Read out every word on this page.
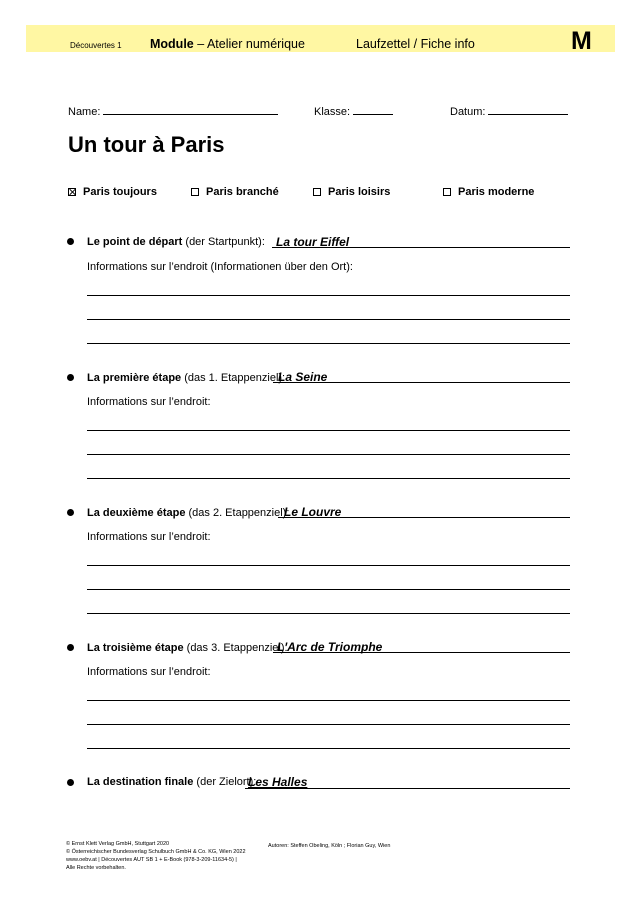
Découvertes 1 Module – Atelier numérique	Laufzettel / Fiche info	M
Name:	Klasse:	Datum:
Un tour à Paris
Paris toujours	Paris branché	Paris loisirs	Paris moderne
Le point de départ (der Startpunkt): La tour Eiffel
Informations sur l’endroit (Informationen über den Ort):
La première étape (das 1. Etappenziel):
La Seine
Informations sur l’endroit:
La deuxième étape (das 2. Etappenziel):
Le Louvre
Informations sur l’endroit:
La troisième étape (das 3. Etappenziel):
L'Arc de Triomphe
Informations sur l’endroit:
La destination finale (der Zielort):
Les Halles
© Ernst Klett Verlag GmbH, Stuttgart 2020
© Österreichischer Bundesverlag Schulbuch GmbH & Co. KG, Wien 2022
www.oebv.at | Découvertes AUT SB 1 + E-Book (978-3-209-11634-5) |
Alle Rechte vorbehalten.
Autoren: Steffen Obeling, Köln ; Florian Guy, Wien
